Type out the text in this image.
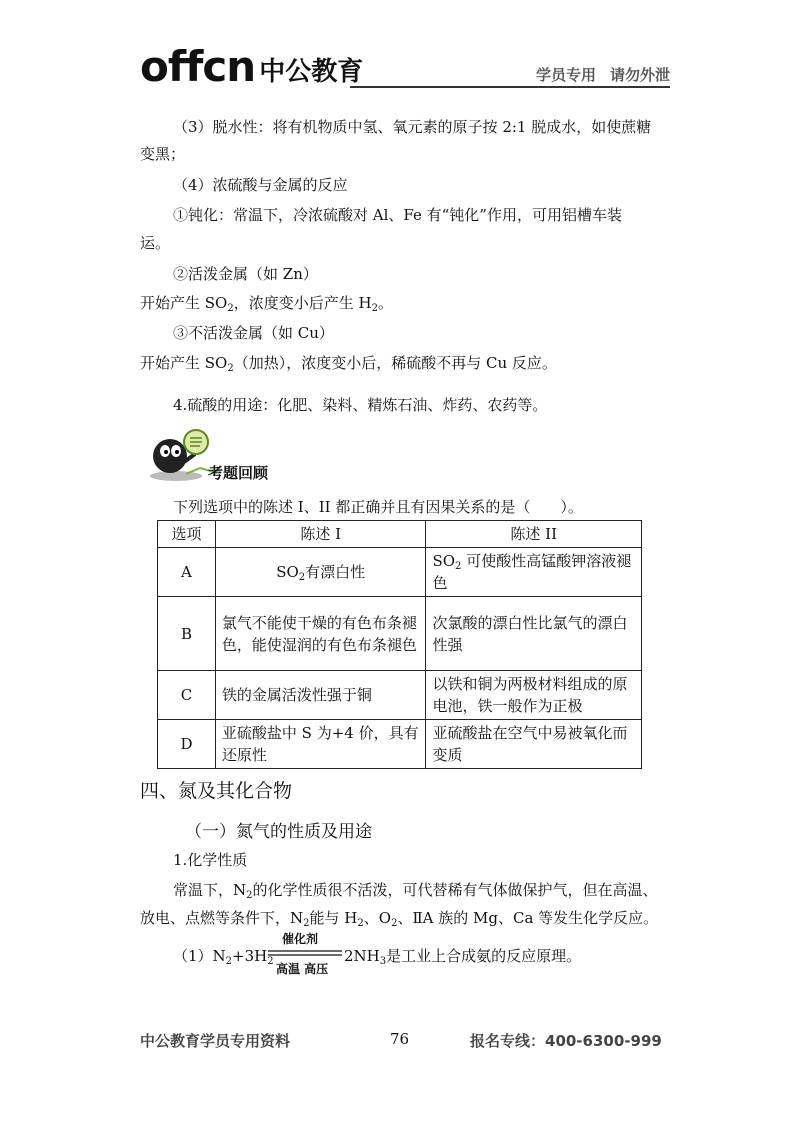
offcn 中公教育	学员专用 请勿外泄
（3）脱水性：将有机物质中氢、氧元素的原子按 2:1 脱成水，如使蔗糖
变黑；
（4）浓硫酸与金属的反应
①钝化：常温下，冷浓硫酸对 Al、Fe 有“钝化”作用，可用铝槽车装
运。
②活泼金属（如 Zn）
开始产生 $SO_2$，浓度变小后产生 $H_2$。
③不活泼金属（如 Cu）
开始产生 $SO_2$（加热），浓度变小后，稀硫酸不再与 Cu 反应。
4.硫酸的用途：化肥、染料、精炼石油、炸药、农药等。
考题回顾
下列选项中的陈述 I、II 都正确并且有因果关系的是（　　）。
选项	陈述 I	陈述 II
A	$SO_2$有漂白性	$SO_2$ 可使酸性高锰酸钾溶液褪色
B	氯气不能使干燥的有色布条褪色，能使湿润的有色布条褪色	次氯酸的漂白性比氯气的漂白性强
C	铁的金属活泼性强于铜	以铁和铜为两极材料组成的原电池，铁一般作为正极
D	亚硫酸盐中 S 为+4 价，具有还原性	亚硫酸盐在空气中易被氧化而变质
四、氮及其化合物
（一）氮气的性质及用途
1.化学性质
常温下，$N_2$的化学性质很不活泼，可代替稀有气体做保护气，但在高温、
放电、点燃等条件下，$N_2$能与 $H_2$、$O_2$、ⅡA 族的 Mg、Ca 等发生化学反应。
$(1)N_2+3H_2$
催化剂
高温 高压
$2NH_3$是工业上合成氨的反应原理。
中公教育学员专用资料	76	报名专线：400-6300-999
